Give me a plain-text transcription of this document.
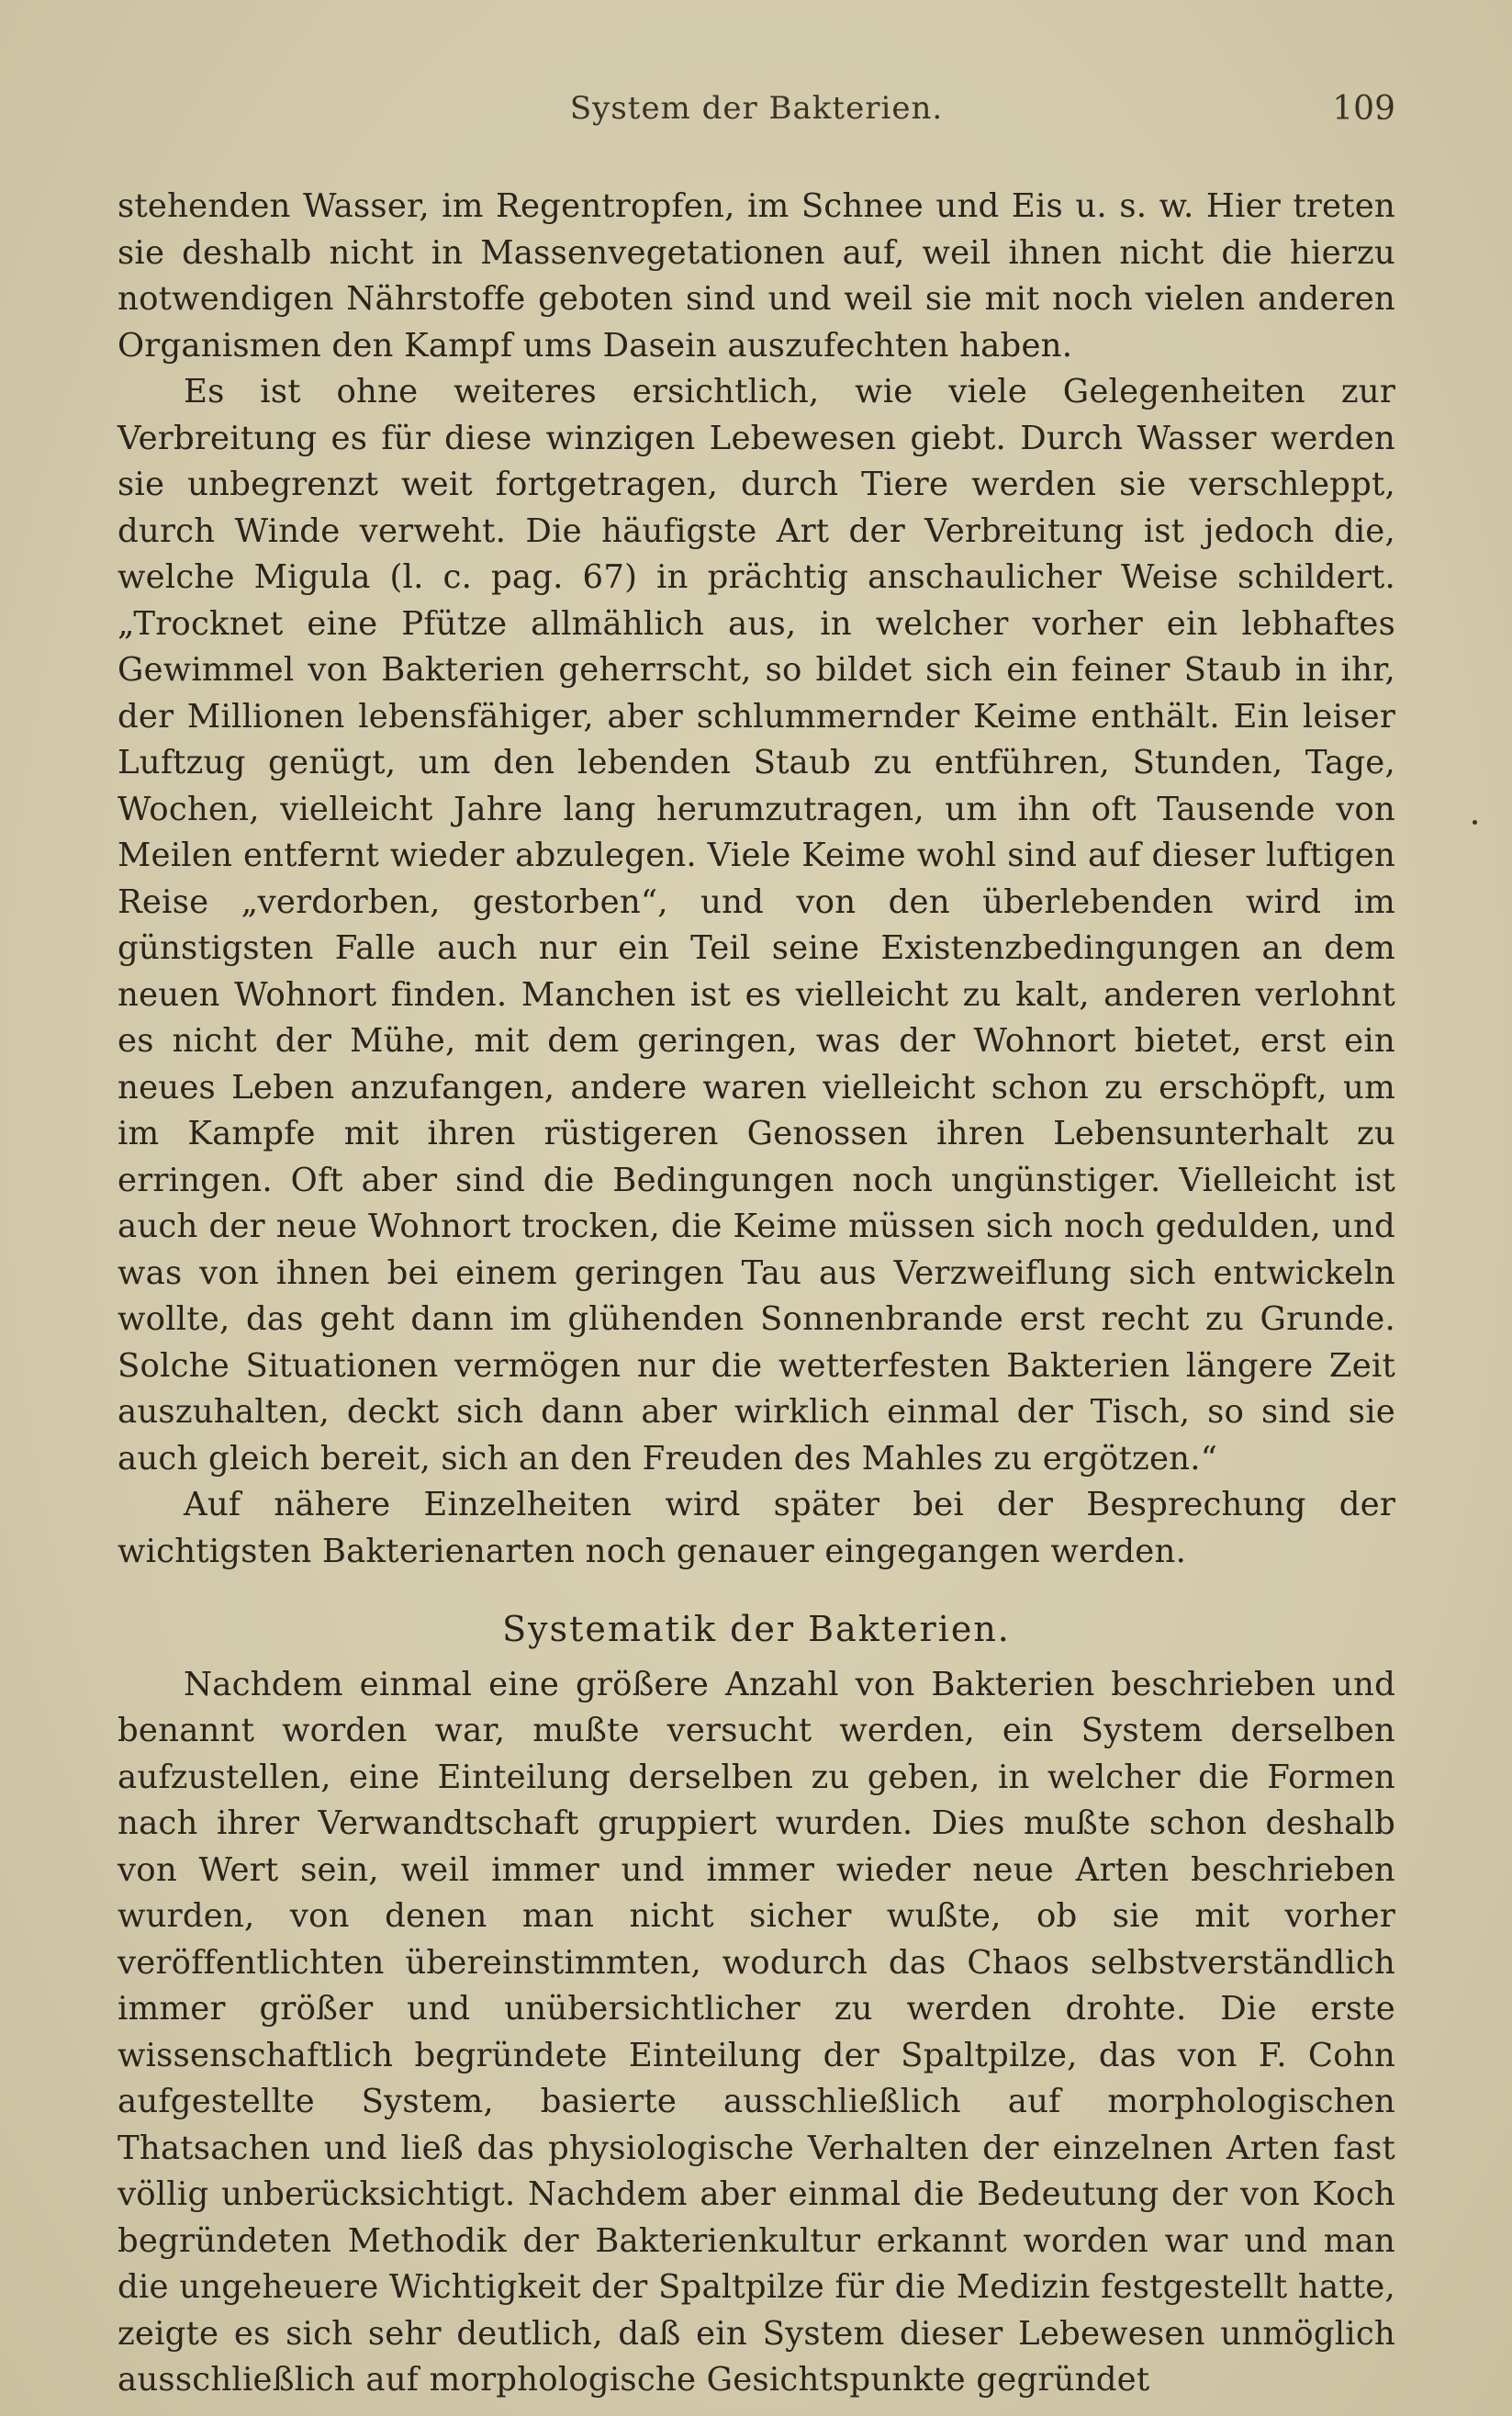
System der Bakterien.	109

stehenden Wasser, im Regentropfen, im Schnee und Eis u. s. w. Hier treten sie deshalb nicht in Massenvegetationen auf, weil ihnen nicht die hierzu notwendigen Nährstoffe geboten sind und weil sie mit noch vielen anderen Organismen den Kampf ums Dasein auszufechten haben.

Es ist ohne weiteres ersichtlich, wie viele Gelegenheiten zur Verbreitung es für diese winzigen Lebewesen giebt. Durch Wasser werden sie unbegrenzt weit fortgetragen, durch Tiere werden sie verschleppt, durch Winde verweht. Die häufigste Art der Verbreitung ist jedoch die, welche Migula (l. c. pag. 67) in prächtig anschaulicher Weise schildert. „Trocknet eine Pfütze allmählich aus, in welcher vorher ein lebhaftes Gewimmel von Bakterien geherrscht, so bildet sich ein feiner Staub in ihr, der Millionen lebensfähiger, aber schlummernder Keime enthält. Ein leiser Luftzug genügt, um den lebenden Staub zu entführen, Stunden, Tage, Wochen, vielleicht Jahre lang herumzutragen, um ihn oft Tausende von Meilen entfernt wieder abzulegen. Viele Keime wohl sind auf dieser luftigen Reise „verdorben, gestorben“, und von den überlebenden wird im günstigsten Falle auch nur ein Teil seine Existenzbedingungen an dem neuen Wohnort finden. Manchen ist es vielleicht zu kalt, anderen verlohnt es nicht der Mühe, mit dem geringen, was der Wohnort bietet, erst ein neues Leben anzufangen, andere waren vielleicht schon zu erschöpft, um im Kampfe mit ihren rüstigeren Genossen ihren Lebensunterhalt zu erringen. Oft aber sind die Bedingungen noch ungünstiger. Vielleicht ist auch der neue Wohnort trocken, die Keime müssen sich noch gedulden, und was von ihnen bei einem geringen Tau aus Verzweiflung sich entwickeln wollte, das geht dann im glühenden Sonnenbrande erst recht zu Grunde. Solche Situationen vermögen nur die wetterfesten Bakterien längere Zeit auszuhalten, deckt sich dann aber wirklich einmal der Tisch, so sind sie auch gleich bereit, sich an den Freuden des Mahles zu ergötzen.“

Auf nähere Einzelheiten wird später bei der Besprechung der wichtigsten Bakterienarten noch genauer eingegangen werden.

Systematik der Bakterien.

Nachdem einmal eine größere Anzahl von Bakterien beschrieben und benannt worden war, mußte versucht werden, ein System derselben aufzustellen, eine Einteilung derselben zu geben, in welcher die Formen nach ihrer Verwandtschaft gruppiert wurden. Dies mußte schon deshalb von Wert sein, weil immer und immer wieder neue Arten beschrieben wurden, von denen man nicht sicher wußte, ob sie mit vorher veröffentlichten übereinstimmten, wodurch das Chaos selbstverständlich immer größer und unübersichtlicher zu werden drohte. Die erste wissenschaftlich begründete Einteilung der Spaltpilze, das von F. Cohn aufgestellte System, basierte ausschließlich auf morphologischen Thatsachen und ließ das physiologische Verhalten der einzelnen Arten fast völlig unberücksichtigt. Nachdem aber einmal die Bedeutung der von Koch begründeten Methodik der Bakterienkultur erkannt worden war und man die ungeheuere Wichtigkeit der Spaltpilze für die Medizin festgestellt hatte, zeigte es sich sehr deutlich, daß ein System dieser Lebewesen unmöglich ausschließlich auf morphologische Gesichtspunkte gegründet
